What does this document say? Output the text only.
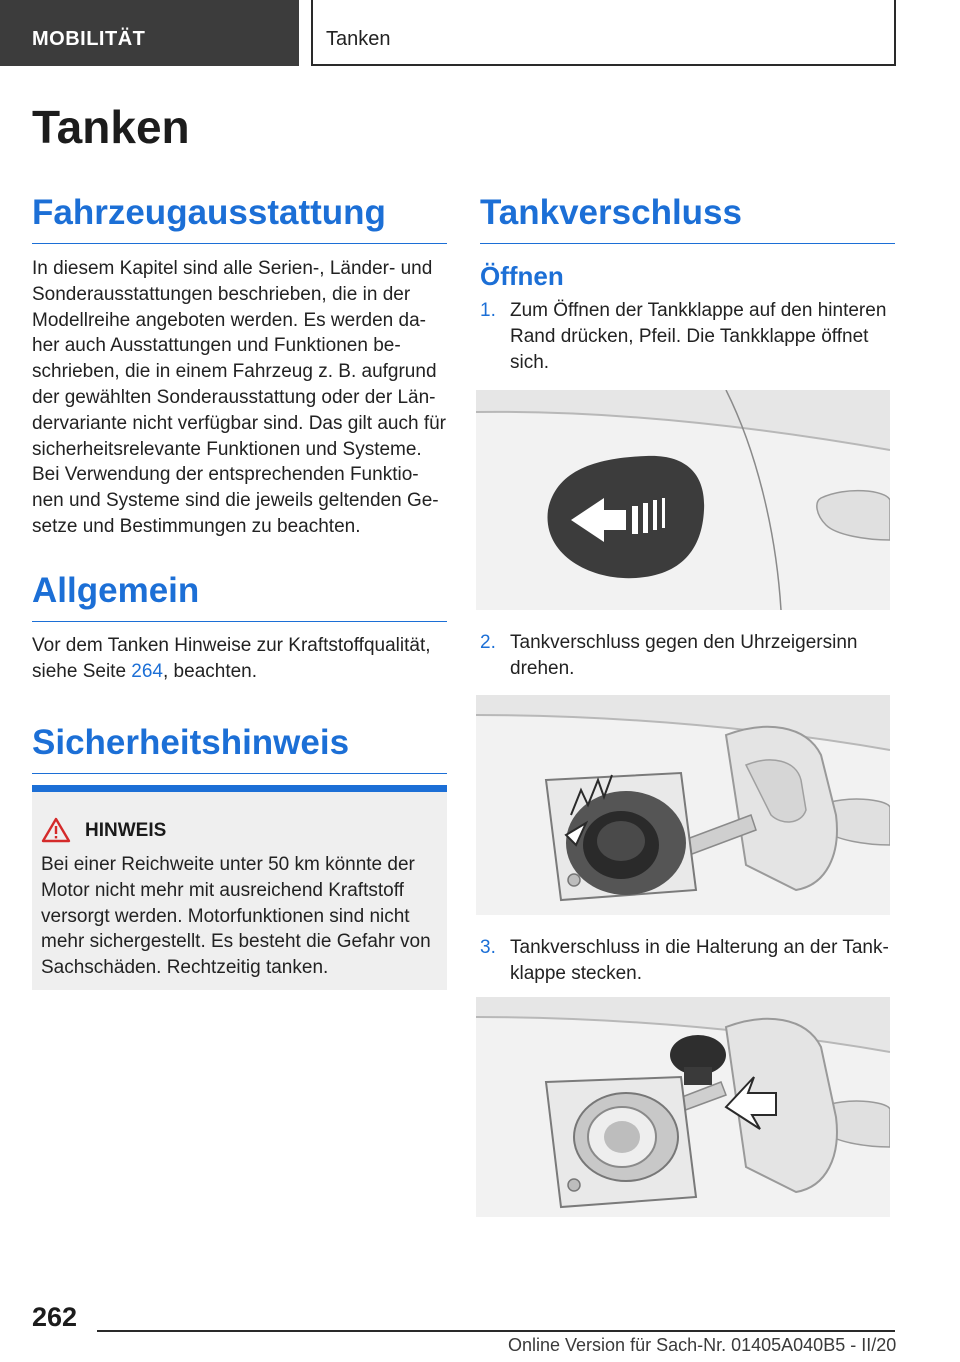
MOBILITÄT	Tanken
Tanken
Fahrzeugausstattung
In diesem Kapitel sind alle Serien-, Länder- und
Sonderausstattungen beschrieben, die in der
Modellreihe angeboten werden. Es werden da‐
her auch Ausstattungen und Funktionen be‐
schrieben, die in einem Fahrzeug z. B. aufgrund
der gewählten Sonderausstattung oder der Län‐
dervariante nicht verfügbar sind. Das gilt auch für
sicherheitsrelevante Funktionen und Systeme.
Bei Verwendung der entsprechenden Funktio‐
nen und Systeme sind die jeweils geltenden Ge‐
setze und Bestimmungen zu beachten.
Allgemein
Vor dem Tanken Hinweise zur Kraftstoffqualität,
siehe Seite 264, beachten.
Sicherheitshinweis
HINWEIS
Bei einer Reichweite unter 50 km könnte der
Motor nicht mehr mit ausreichend Kraftstoff
versorgt werden. Motorfunktionen sind nicht
mehr sichergestellt. Es besteht die Gefahr von
Sachschäden. Rechtzeitig tanken.
Tankverschluss
Öffnen
1. Zum Öffnen der Tankklappe auf den hinteren
Rand drücken, Pfeil. Die Tankklappe öffnet
sich.
2. Tankverschluss gegen den Uhrzeigersinn
drehen.
3. Tankverschluss in die Halterung an der Tank‐
klappe stecken.
262
Online Version für Sach-Nr. 01405A040B5 - II/20
